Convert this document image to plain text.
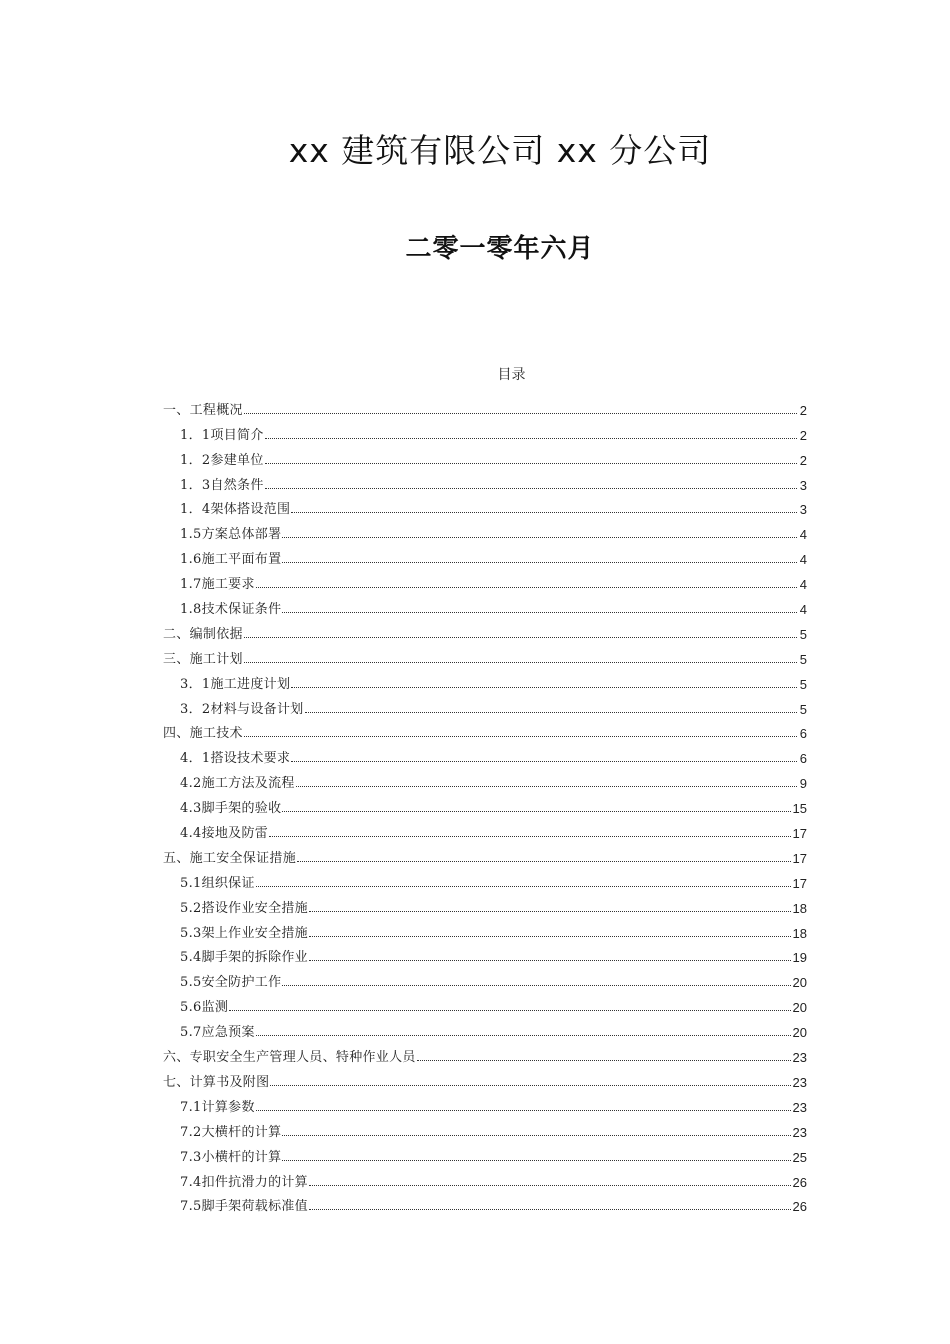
xx 建筑有限公司 xx 分公司
二零一零年六月
目录
一、工程概况	2
1．1项目简介	2
1．2参建单位	2
1．3自然条件	3
1．4架体搭设范围	3
1.5方案总体部署	4
1.6施工平面布置	4
1.7施工要求	4
1.8技术保证条件	4
二、编制依据	5
三、施工计划	5
3．1施工进度计划	5
3．2材料与设备计划	5
四、施工技术	6
4．1搭设技术要求	6
4.2施工方法及流程	9
4.3脚手架的验收	15
4.4接地及防雷	17
五、施工安全保证措施	17
5.1组织保证	17
5.2搭设作业安全措施	18
5.3架上作业安全措施	18
5.4脚手架的拆除作业	19
5.5安全防护工作	20
5.6监测	20
5.7应急预案	20
六、专职安全生产管理人员、特种作业人员	23
七、计算书及附图	23
7.1计算参数	23
7.2大横杆的计算	23
7.3小横杆的计算	25
7.4扣件抗滑力的计算	26
7.5脚手架荷载标准值	26
